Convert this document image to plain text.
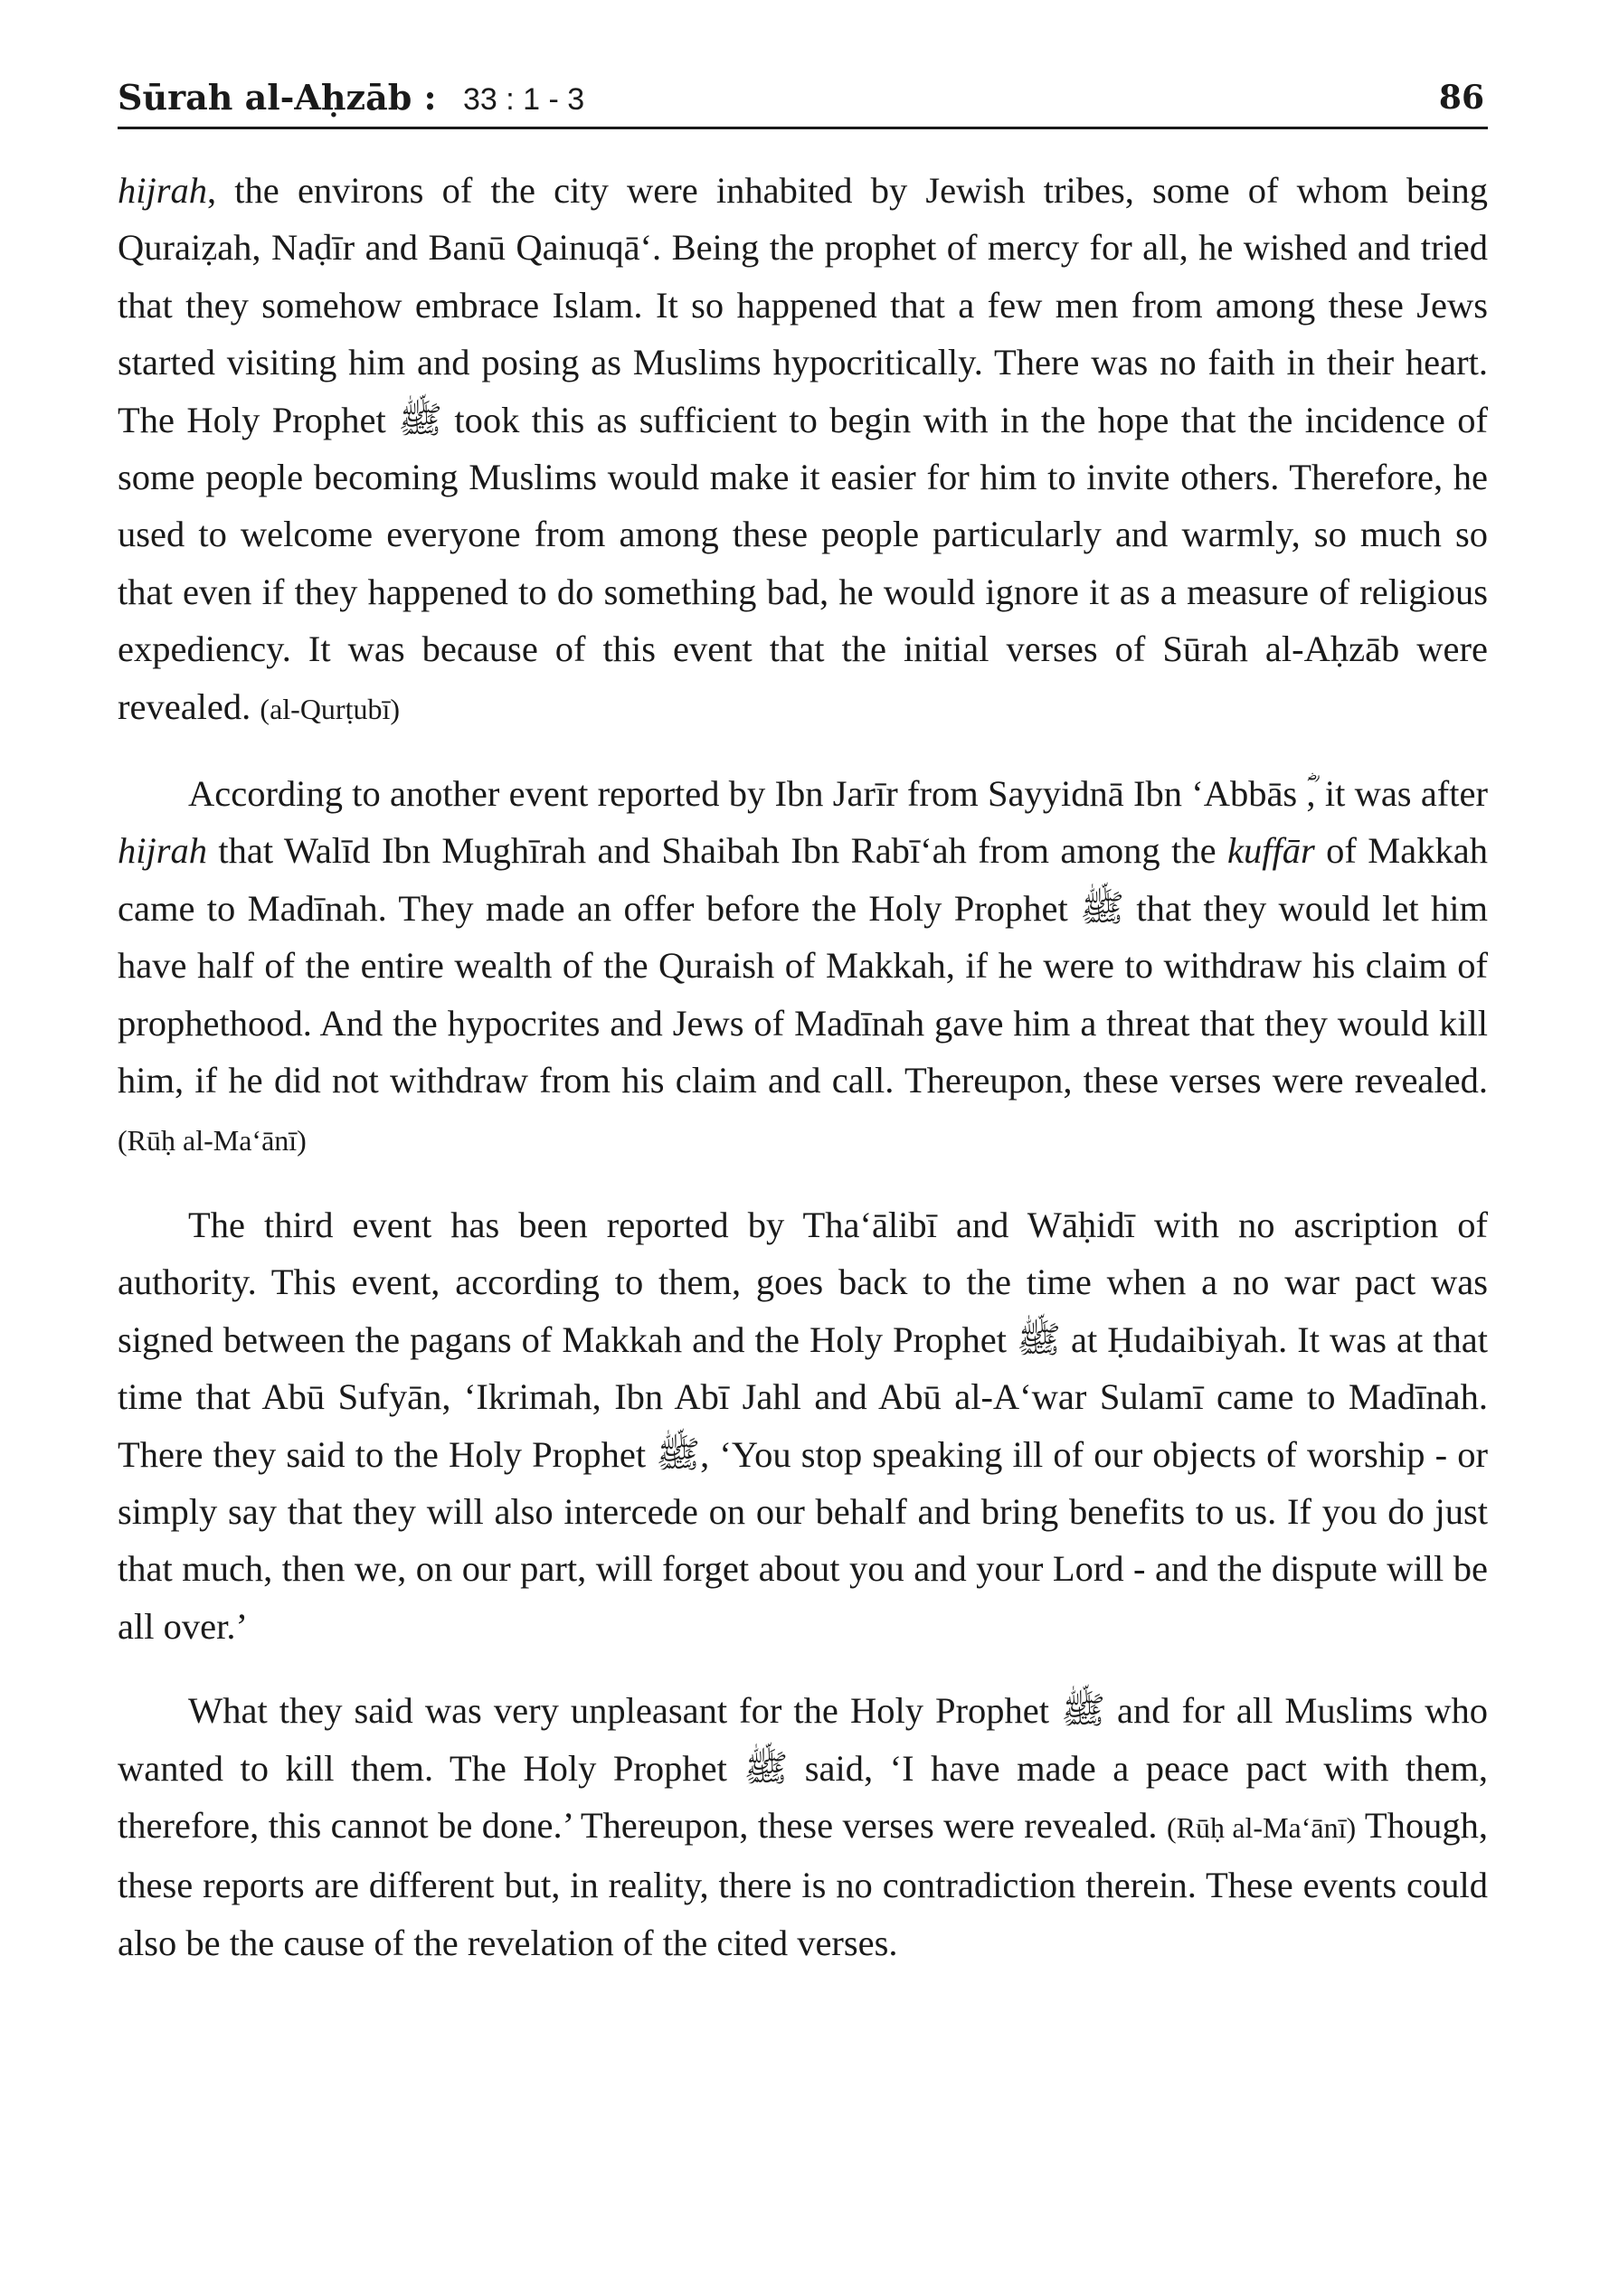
Sūrah al-Aḥzāb : 33 : 1 - 3	86

hijrah, the environs of the city were inhabited by Jewish tribes, some of whom being Quraiẓah, Naḍīr and Banū Qainuqā‘. Being the prophet of mercy for all, he wished and tried that they somehow embrace Islam. It so happened that a few men from among these Jews started visiting him and posing as Muslims hypocritically. There was no faith in their heart. The Holy Prophet ﷺ took this as sufficient to begin with in the hope that the incidence of some people becoming Muslims would make it easier for him to invite others. Therefore, he used to welcome everyone from among these people particularly and warmly, so much so that even if they happened to do something bad, he would ignore it as a measure of religious expediency. It was because of this event that the initial verses of Sūrah al-Aḥzāb were revealed. (al-Qurṭubī)

According to another event reported by Ibn Jarīr from Sayyidnā Ibn ‘Abbās ؓ, it was after hijrah that Walīd Ibn Mughīrah and Shaibah Ibn Rabī‘ah from among the kuffār of Makkah came to Madīnah. They made an offer before the Holy Prophet ﷺ that they would let him have half of the entire wealth of the Quraish of Makkah, if he were to withdraw his claim of prophethood. And the hypocrites and Jews of Madīnah gave him a threat that they would kill him, if he did not withdraw from his claim and call. Thereupon, these verses were revealed. (Rūḥ al-Ma‘ānī)

The third event has been reported by Tha‘ālibī and Wāḥidī with no ascription of authority. This event, according to them, goes back to the time when a no war pact was signed between the pagans of Makkah and the Holy Prophet ﷺ at Ḥudaibiyah. It was at that time that Abū Sufyān, ‘Ikrimah, Ibn Abī Jahl and Abū al-A‘war Sulamī came to Madīnah. There they said to the Holy Prophet ﷺ, ‘You stop speaking ill of our objects of worship - or simply say that they will also intercede on our behalf and bring benefits to us. If you do just that much, then we, on our part, will forget about you and your Lord - and the dispute will be all over.’

What they said was very unpleasant for the Holy Prophet ﷺ and for all Muslims who wanted to kill them. The Holy Prophet ﷺ said, ‘I have made a peace pact with them, therefore, this cannot be done.’ Thereupon, these verses were revealed. (Rūḥ al-Ma‘ānī) Though, these reports are different but, in reality, there is no contradiction therein. These events could also be the cause of the revelation of the cited verses.
